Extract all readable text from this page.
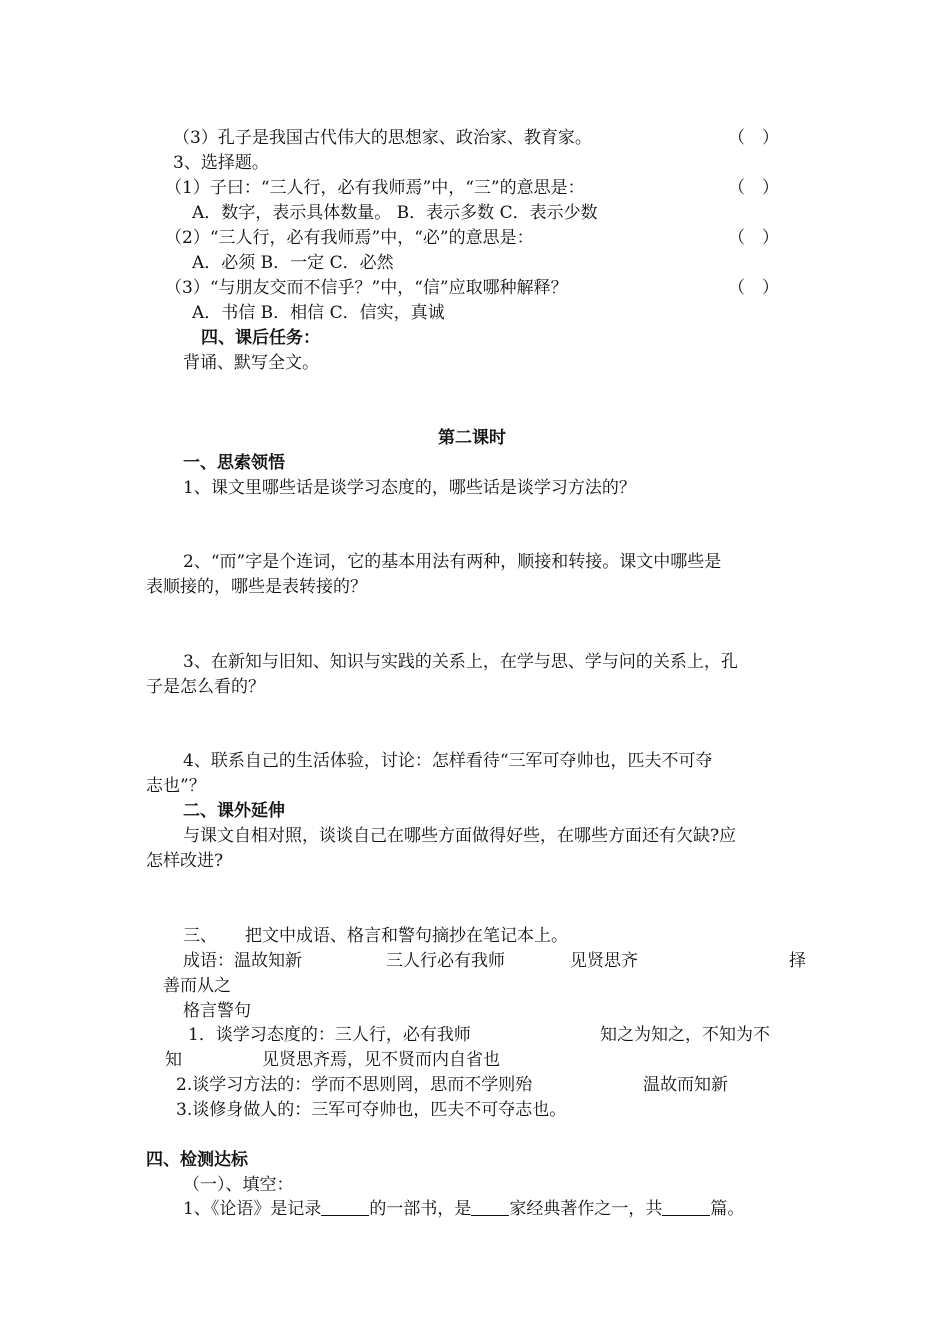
（3）孔子是我国古代伟大的思想家、政治家、教育家。	（　）
3、选择题。
（1）子曰：“三人行，必有我师焉”中，“三”的意思是：	（　）
A．数字，表示具体数量。 B．表示多数 C．表示少数
（2）“三人行，必有我师焉”中，“必”的意思是：	（　）
A．必须 B．一定 C．必然
（3）“与朋友交而不信乎？”中，“信”应取哪种解释？	（　）
A．书信 B．相信 C．信实，真诚
四、课后任务：
背诵、默写全文。
第二课时
一、思索领悟
1、课文里哪些话是谈学习态度的，哪些话是谈学习方法的？
2、“而”字是个连词，它的基本用法有两种，顺接和转接。课文中哪些是
表顺接的，哪些是表转接的？
3、在新知与旧知、知识与实践的关系上，在学与思、学与问的关系上，孔
子是怎么看的？
4、联系自己的生活体验，讨论：怎样看待“三军可夺帅也，匹夫不可夺
志也”？
二、课外延伸
与课文自相对照，谈谈自己在哪些方面做得好些，在哪些方面还有欠缺?应
怎样改进?
三、 把文中成语、格言和警句摘抄在笔记本上。
成语：温故知新	三人行必有我师	见贤思齐	择
善而从之
格言警句
1．谈学习态度的：三人行，必有我师	知之为知之，不知为不
知	见贤思齐焉，见不贤而内自省也
2.谈学习方法的：学而不思则罔，思而不学则殆	温故而知新
3.谈修身做人的：三军可夺帅也，匹夫不可夺志也。
四、检测达标
（一）、填空：
1、《论语》是记录	的一部书，是 家经典著作之一，共	篇。
